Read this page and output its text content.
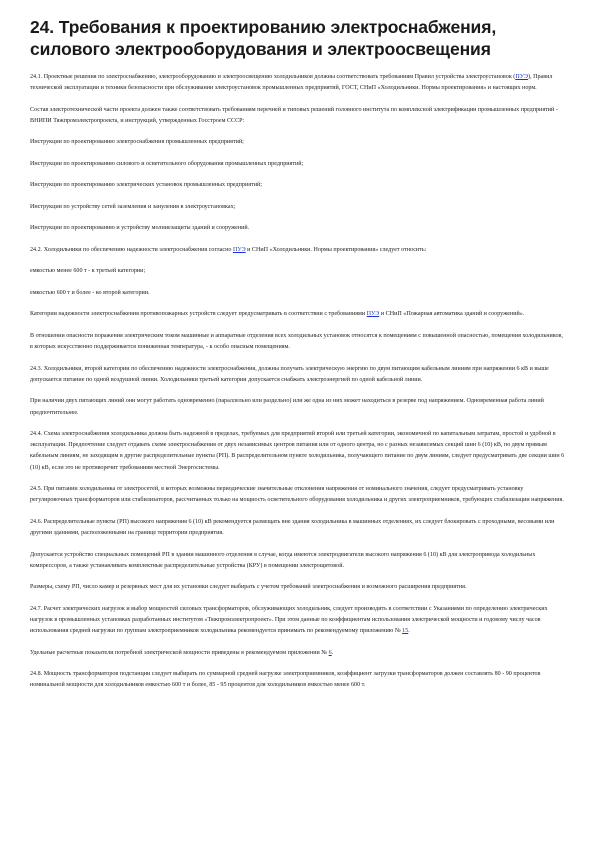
24. Требования к проектированию электроснабжения, силового электрооборудования и электроосвещения

24.1. Проектные решения по электроснабжению, электрооборудованию и электроосвещению холодильников должны соответствовать требованиям Правил устройства электроустановок (ПУЭ), Правил технической эксплуатации и техники безопасности при обслуживании электроустановок промышленных предприятий, ГОСТ, СНиП «Холодильники. Нормы проектирования» и настоящих норм.

Состав электротехнической части проекта должен также соответствовать требованиям перечней и типовых решений головного института по комплексной электрификации промышленных предприятий - ВНИПИ Тяжпромэлектропроекта, и инструкций, утвержденных Госстроем СССР:

Инструкции по проектированию электроснабжения промышленных предприятий;

Инструкции по проектированию силового и осветительного оборудования промышленных предприятий;

Инструкции по проектированию электрических установок промышленных предприятий;

Инструкции по устройству сетей заземления и зануления в электроустановках;

Инструкции по проектированию и устройству молниезащиты зданий и сооружений.

24.2. Холодильники по обеспечению надежности электроснабжения согласно ПУЭ и СНиП «Холодильники. Нормы проектирования» следует относить:

емкостью менее 600 т - к третьей категории;

емкостью 600 т и более - ко второй категории.

Категории надежности электроснабжения противопожарных устройств следует предусматривать в соответствии с требованиями ПУЭ и СНиП «Пожарная автоматика зданий и сооружений».

В отношении опасности поражения электрическим током машинные и аппаратные отделения всех холодильных установок относятся к помещениям с повышенной опасностью, помещения холодильников, в которых искусственно поддерживается пониженная температура, - к особо опасным помещениям.

24.3. Холодильники, второй категории по обеспечению надежности электроснабжения, должны получать электрическую энергию по двум питающим кабельным линиям при напряжении 6 кВ и выше допускается питание по одной воздушной линии. Холодильники третьей категории допускается снабжать электроэнергией по одной кабельной линии.

При наличии двух питающих линий они могут работать одновременно (параллельно или раздельно) или же одна из них может находиться в резерве под напряжением. Одновременная работа линий предпочтительнее.

24.4. Схема электроснабжения холодильника должна быть надежной в пределах, требуемых для предприятий второй или третьей категории, экономичной по капитальным затратам, простой и удобной в эксплуатации. Предпочтение следует отдавать схеме электроснабжения от двух независимых центров питания или от одного центра, но с разных независимых секций шин 6 (10) кВ, по двум прямым кабельным линиям, не заходящим в другие распределительные пункты (РП). В распределительном пункте холодильника, получающего питание по двум линиям, следует предусматривать две секции шин 6 (10) кВ, если это не противоречит требованиям местной Энергосистемы.

24.5. При питании холодильника от электросетей, в которых возможны периодические значительные отклонения напряжения от номинального значения, следует предусматривать установку регулировочных трансформаторов или стабилизаторов, рассчитанных только на мощность осветительного оборудования холодильника и других электроприемников, требующих стабилизации напряжения.

24.6. Распределительные пункты (РП) высокого напряжения 6 (10) кВ рекомендуется размещать вне здания холодильника в машинных отделениях, их следует блокировать с проходными, весовыми или другими зданиями, расположенными на границе территории предприятия.

Допускается устройство специальных помещений РП в здании машинного отделения в случае, когда имеются электродвигатели высокого напряжения 6 (10) кВ для электропривода холодильных компрессоров, а также устанавливать комплектные распределительные устройства (КРУ) в помещении электрощитовой.

Размеры, схему РП, число камер и резервных мест для их установки следует выбирать с учетом требований электроснабжения и возможного расширения предприятия.

24.7. Расчет электрических нагрузок и выбор мощностей силовых трансформаторов, обслуживающих холодильник, следует производить в соответствии с Указаниями по определению электрических нагрузок в промышленных установках разработанных институтом «Тяжпромэлектропроект». При этом данные по коэффициентам использования электрической мощности и годовому числу часов использования средней нагрузки по группам электроприемников холодильника рекомендуется принимать по рекомендуемому приложению № 15.

Удельные расчетные показатели потребной электрической мощности приведены в рекомендуемом приложении № 6.

24.8. Мощность трансформаторов подстанции следует выбирать по суммарной средней нагрузке электроприемников, коэффициент загрузки трансформаторов должен составлять 80 - 90 процентов номинальной мощности для холодильников емкостью 600 т и более, 85 - 95 процентов для холодильников емкостью менее 600 т.
